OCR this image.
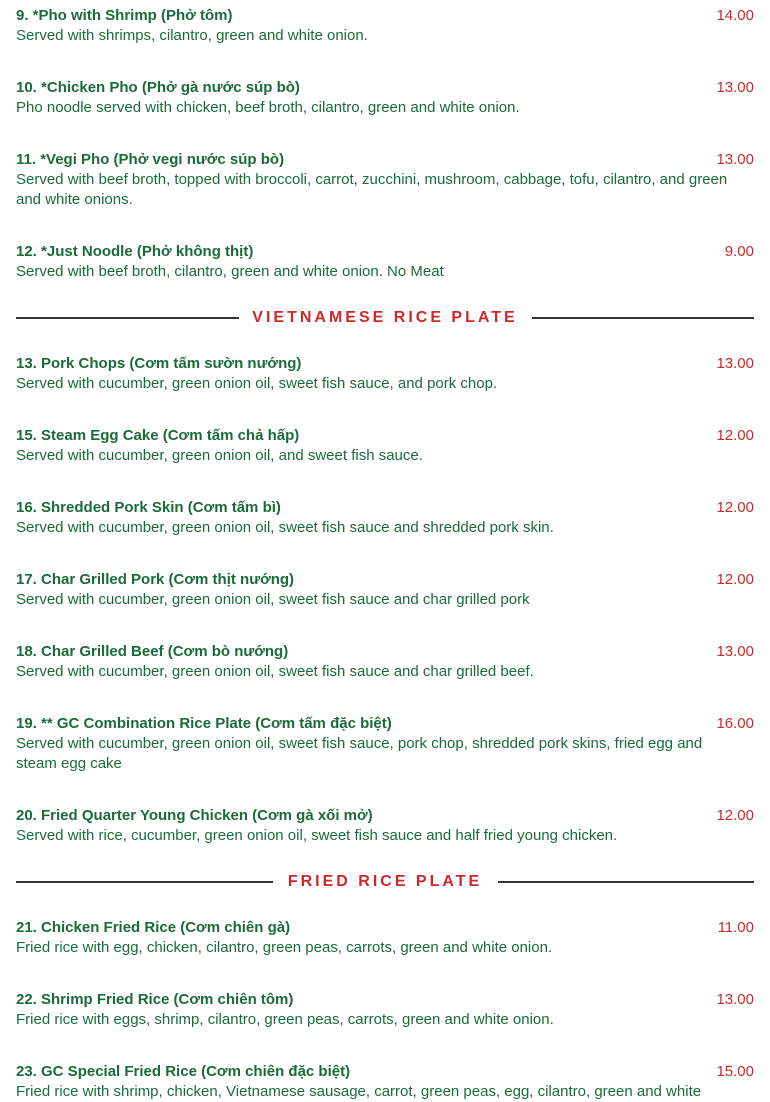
9. *Pho with Shrimp (Phở tôm)	14.00
Served with shrimps, cilantro, green and white onion.
10. *Chicken Pho (Phở gà nước súp bò)	13.00
Pho noodle served with chicken, beef broth, cilantro, green and white onion.
11. *Vegi Pho (Phở vegi nước súp bò)	13.00
Served with beef broth, topped with broccoli, carrot, zucchini, mushroom, cabbage, tofu, cilantro, and green and white onions.
12. *Just Noodle (Phở không thịt)	9.00
Served with beef broth, cilantro, green and white onion. No Meat
VIETNAMESE RICE PLATE
13. Pork Chops (Cơm tấm sườn nướng)	13.00
Served with cucumber, green onion oil, sweet fish sauce, and pork chop.
15. Steam Egg Cake (Cơm tấm chả hấp)	12.00
Served with cucumber, green onion oil, and sweet fish sauce.
16. Shredded Pork Skin (Cơm tấm bì)	12.00
Served with cucumber, green onion oil, sweet fish sauce and shredded pork skin.
17. Char Grilled Pork (Cơm thịt nướng)	12.00
Served with cucumber, green onion oil, sweet fish sauce and char grilled pork
18. Char Grilled Beef (Cơm bò nướng)	13.00
Served with cucumber, green onion oil, sweet fish sauce and char grilled beef.
19. ** GC Combination Rice Plate (Cơm tấm đặc biệt)	16.00
Served with cucumber, green onion oil, sweet fish sauce, pork chop, shredded pork skins, fried egg and steam egg cake
20. Fried Quarter Young Chicken (Cơm gà xối mở)	12.00
Served with rice, cucumber, green onion oil, sweet fish sauce and half fried young chicken.
FRIED RICE PLATE
21. Chicken Fried Rice (Cơm chiên gà)	11.00
Fried rice with egg, chicken, cilantro, green peas, carrots, green and white onion.
22. Shrimp Fried Rice (Cơm chiên tôm)	13.00
Fried rice with eggs, shrimp, cilantro, green peas, carrots, green and white onion.
23. GC Special Fried Rice (Cơm chiên đặc biệt)	15.00
Fried rice with shrimp, chicken, Vietnamese sausage, carrot, green peas, egg, cilantro, green and white
